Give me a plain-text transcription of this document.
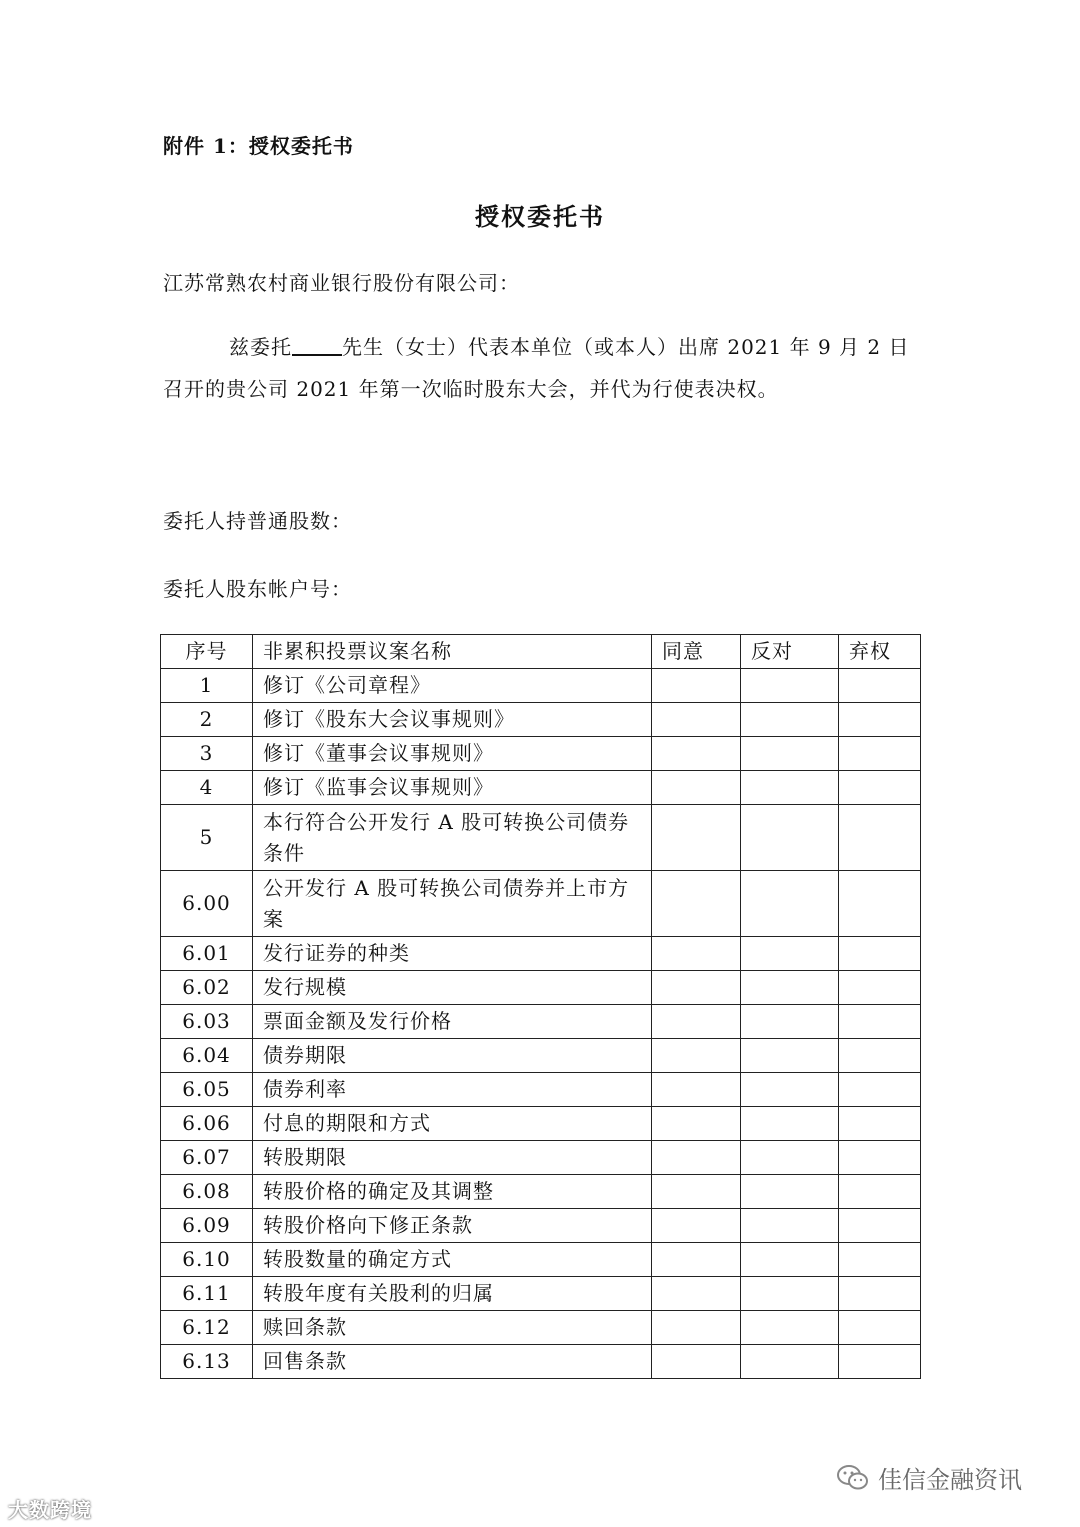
附件 1：授权委托书
授权委托书
江苏常熟农村商业银行股份有限公司：
兹委托	先生（女士）代表本单位（或本人）出席 2021 年 9 月 2 日召开的贵公司 2021 年第一次临时股东大会，并代为行使表决权。
委托人持普通股数：
委托人股东帐户号：
序号	非累积投票议案名称	同意	反对	弃权
1	修订《公司章程》			
2	修订《股东大会议事规则》			
3	修订《董事会议事规则》			
4	修订《监事会议事规则》			
5	本行符合公开发行 A 股可转换公司债券条件			
6.00	公开发行 A 股可转换公司债券并上市方案			
6.01	发行证券的种类			
6.02	发行规模			
6.03	票面金额及发行价格			
6.04	债券期限			
6.05	债券利率			
6.06	付息的期限和方式			
6.07	转股期限			
6.08	转股价格的确定及其调整			
6.09	转股价格向下修正条款			
6.10	转股数量的确定方式			
6.11	转股年度有关股利的归属			
6.12	赎回条款			
6.13	回售条款			
大数跨境
佳信金融资讯
